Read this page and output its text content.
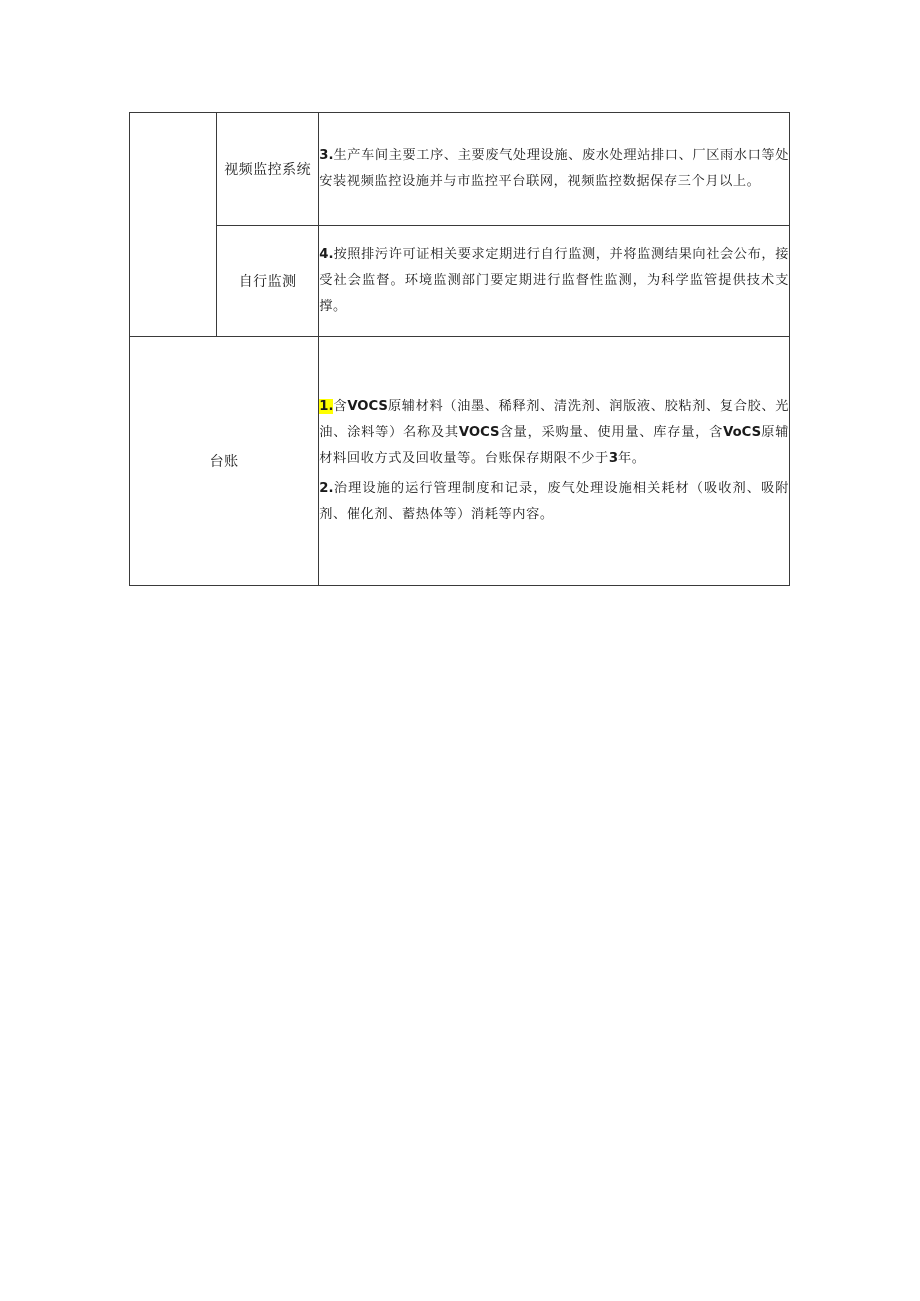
	视频监控系统	3.生产车间主要工序、主要废气处理设施、废水处理站排口、厂区雨水口等处安装视频监控设施并与市监控平台联网，视频监控数据保存三个月以上。

	自行监测	4.按照排污许可证相关要求定期进行自行监测，并将监测结果向社会公布，接受社会监督。环境监测部门要定期进行监督性监测，为科学监管提供技术支撑。

台账		1.含VOCS原辅材料（油墨、稀释剂、清洗剂、润版液、胶粘剂、复合胶、光油、涂料等）名称及其VOCS含量，采购量、使用量、库存量，含VoCS原辅材料回收方式及回收量等。台账保存期限不少于3年。

2.治理设施的运行管理制度和记录，废气处理设施相关耗材（吸收剂、吸附剂、催化剂、蓄热体等）消耗等内容。
